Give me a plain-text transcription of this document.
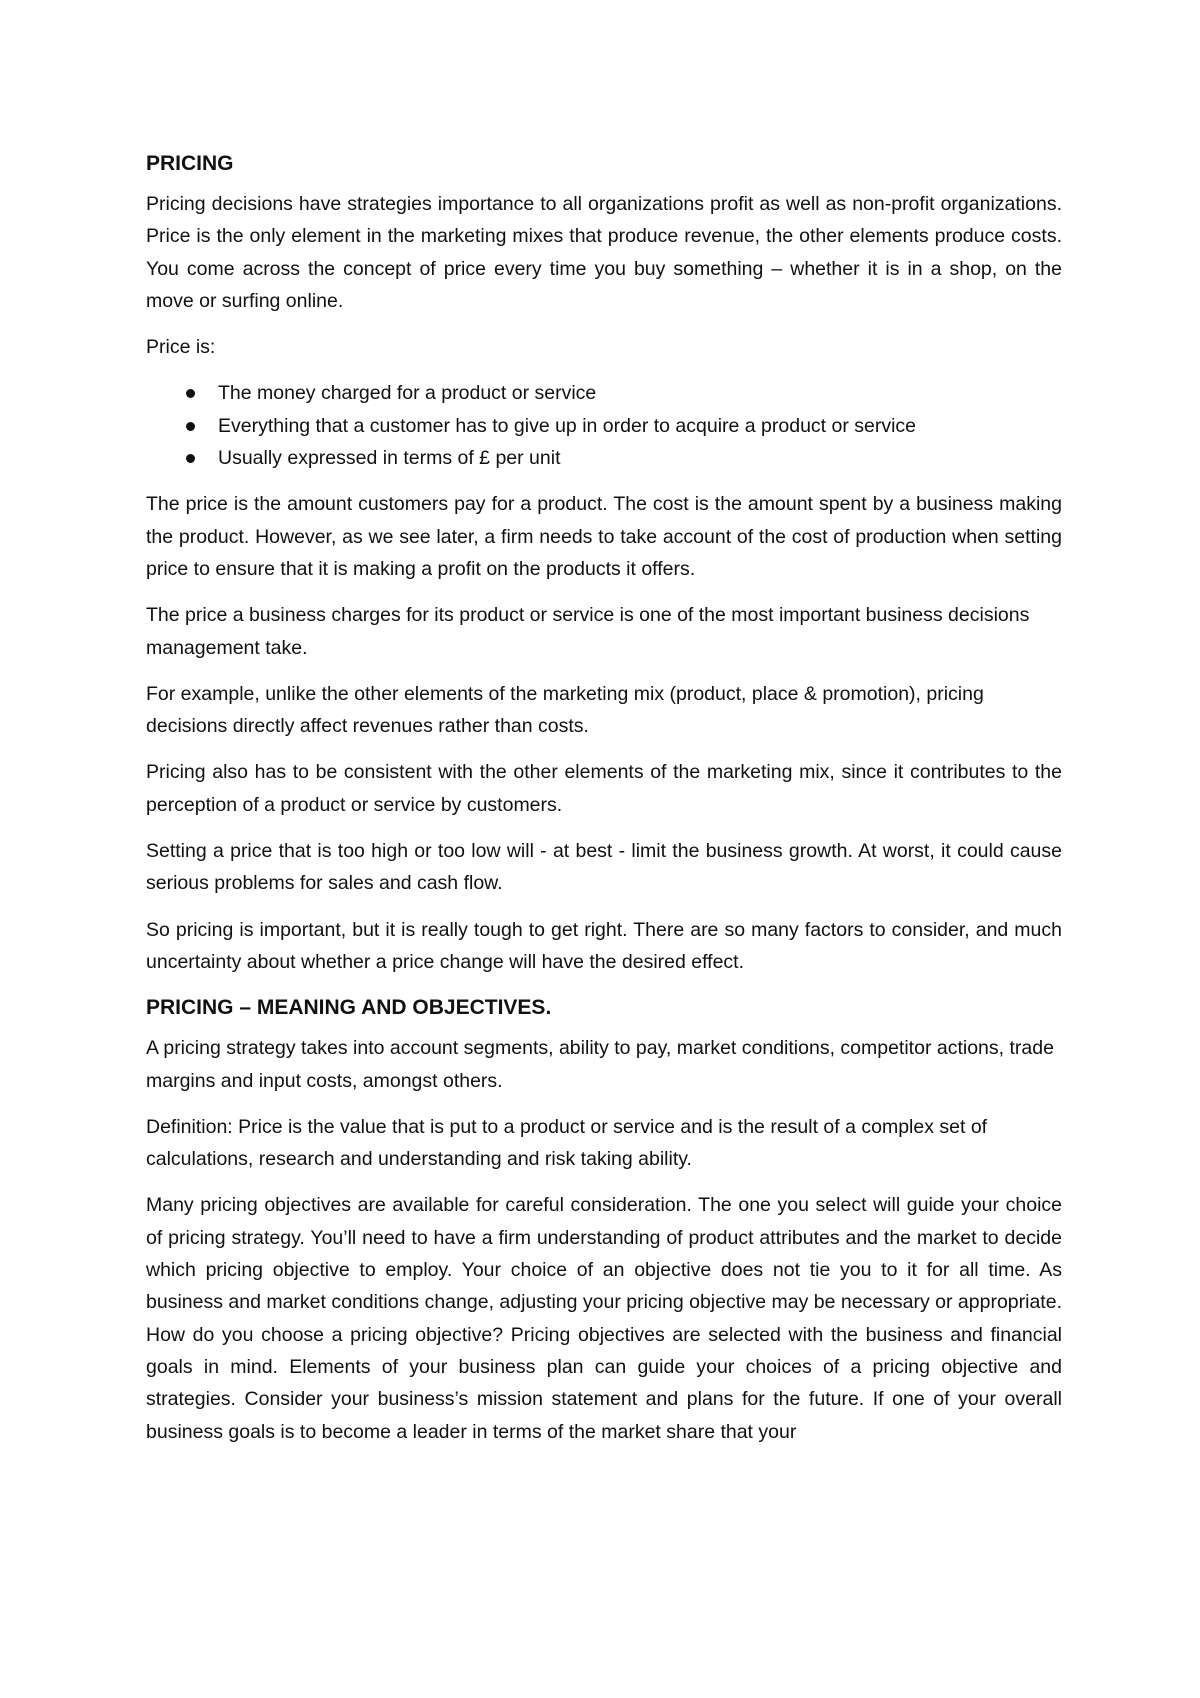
PRICING

Pricing decisions have strategies importance to all organizations profit as well as non-profit organizations. Price is the only element in the marketing mixes that produce revenue, the other elements produce costs. You come across the concept of price every time you buy something – whether it is in a shop, on the move or surfing online.

Price is:

The money charged for a product or service
Everything that a customer has to give up in order to acquire a product or service
Usually expressed in terms of £ per unit

The price is the amount customers pay for a product. The cost is the amount spent by a business making the product. However, as we see later, a firm needs to take account of the cost of production when setting price to ensure that it is making a profit on the products it offers.

The price a business charges for its product or service is one of the most important business decisions management take.

For example, unlike the other elements of the marketing mix (product, place & promotion), pricing decisions directly affect revenues rather than costs.

Pricing also has to be consistent with the other elements of the marketing mix, since it contributes to the perception of a product or service by customers.

Setting a price that is too high or too low will - at best - limit the business growth. At worst, it could cause serious problems for sales and cash flow.

So pricing is important, but it is really tough to get right. There are so many factors to consider, and much uncertainty about whether a price change will have the desired effect.

PRICING – MEANING AND OBJECTIVES.

A pricing strategy takes into account segments, ability to pay, market conditions, competitor actions, trade margins and input costs, amongst others.

Definition: Price is the value that is put to a product or service and is the result of a complex set of calculations, research and understanding and risk taking ability.

Many pricing objectives are available for careful consideration. The one you select will guide your choice of pricing strategy. You’ll need to have a firm understanding of product attributes and the market to decide which pricing objective to employ. Your choice of an objective does not tie you to it for all time. As business and market conditions change, adjusting your pricing objective may be necessary or appropriate. How do you choose a pricing objective? Pricing objectives are selected with the business and financial goals in mind. Elements of your business plan can guide your choices of a pricing objective and strategies. Consider your business’s mission statement and plans for the future. If one of your overall business goals is to become a leader in terms of the market share that your
